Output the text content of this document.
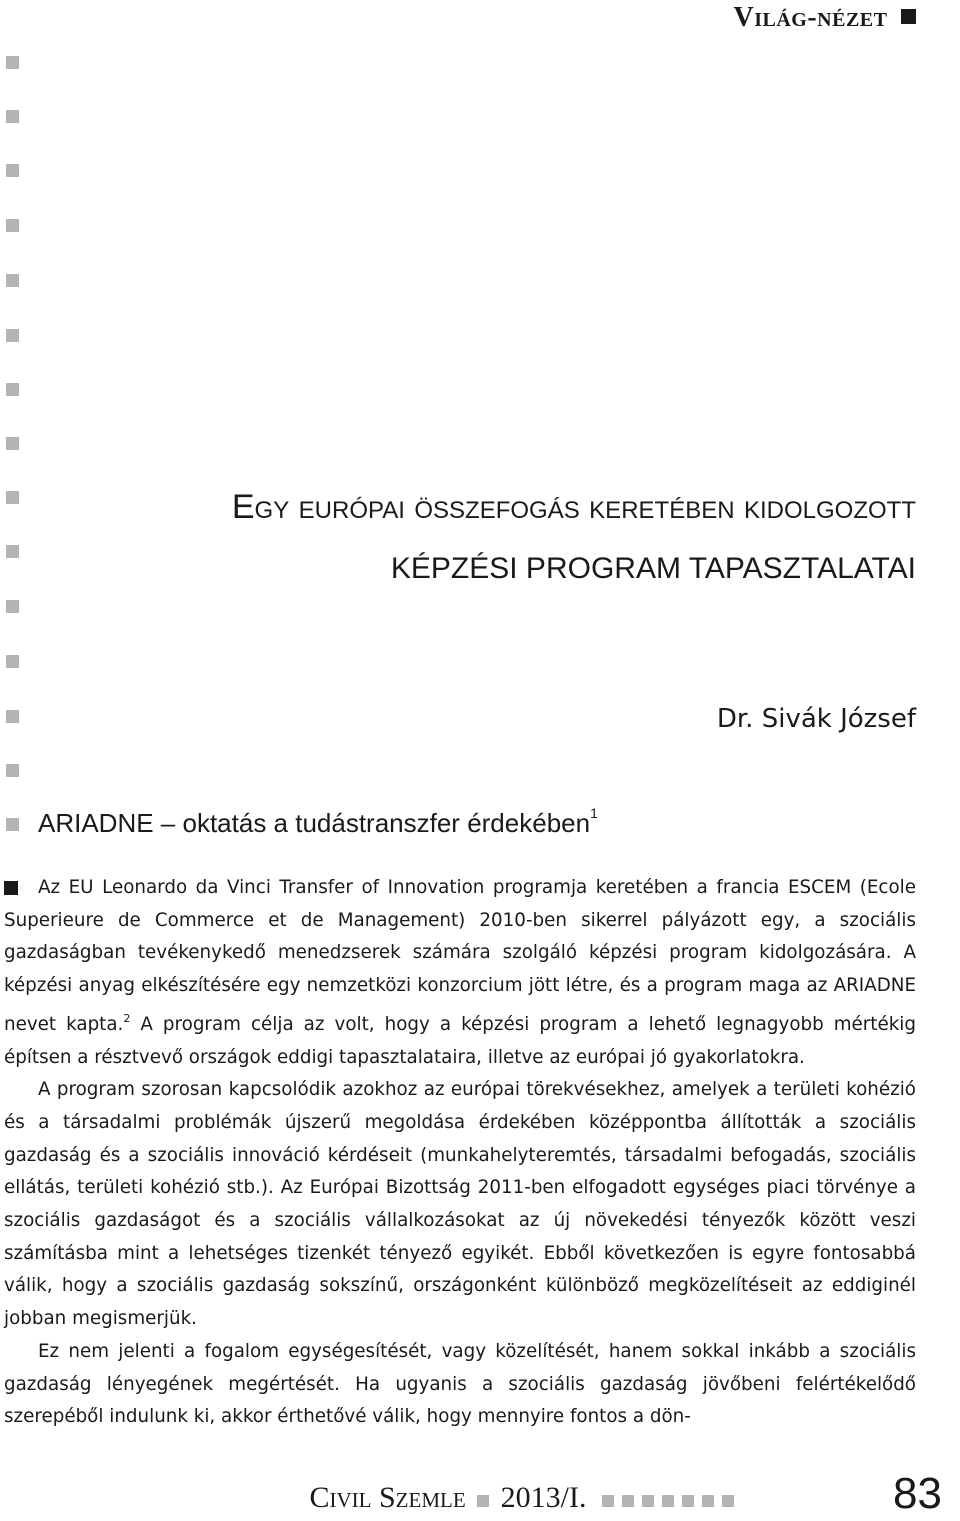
Világ-nézet
Egy európai összefogás keretében kidolgozott
KÉPZÉSI PROGRAM TAPASZTALATAI
Dr. Sivák József
ARIADNE – oktatás a tudástranszfer érdekében$^1$

Az EU Leonardo da Vinci Transfer of Innovation programja keretében a francia ESCEM (Ecole Superieure de Commerce et de Management) 2010-ben sikerrel pályázott egy, a szociális gazdaságban tevékenykedő menedzserek számára szolgáló képzési program kidolgozására. A képzési anyag elkészítésére egy nemzetközi konzorcium jött létre, és a program maga az ARIADNE nevet kapta.$^2$ A program célja az volt, hogy a képzési program a lehető legnagyobb mértékig építsen a résztvevő országok eddigi tapasztalataira, illetve az európai jó gyakorlatokra.

A program szorosan kapcsolódik azokhoz az európai törekvésekhez, amelyek a területi kohézió és a társadalmi problémák újszerű megoldása érdekében középpontba állították a szociális gazdaság és a szociális innováció kérdéseit (munkahelyteremtés, társadalmi befogadás, szociális ellátás, területi kohézió stb.). Az Európai Bizottság 2011-ben elfogadott egységes piaci törvénye a szociális gazdaságot és a szociális vállalkozásokat az új növekedési tényezők között veszi számításba mint a lehetséges tizenkét tényező egyikét. Ebből következően is egyre fontosabbá válik, hogy a szociális gazdaság sokszínű, országonként különböző megközelítéseit az eddiginél jobban megismerjük.

Ez nem jelenti a fogalom egységesítését, vagy közelítését, hanem sokkal inkább a szociális gazdaság lényegének megértését. Ha ugyanis a szociális gazdaság jövőbeni felértékelődő szerepéből indulunk ki, akkor érthetővé válik, hogy mennyire fontos a dön-

Civil Szemle 2013/I.	83
